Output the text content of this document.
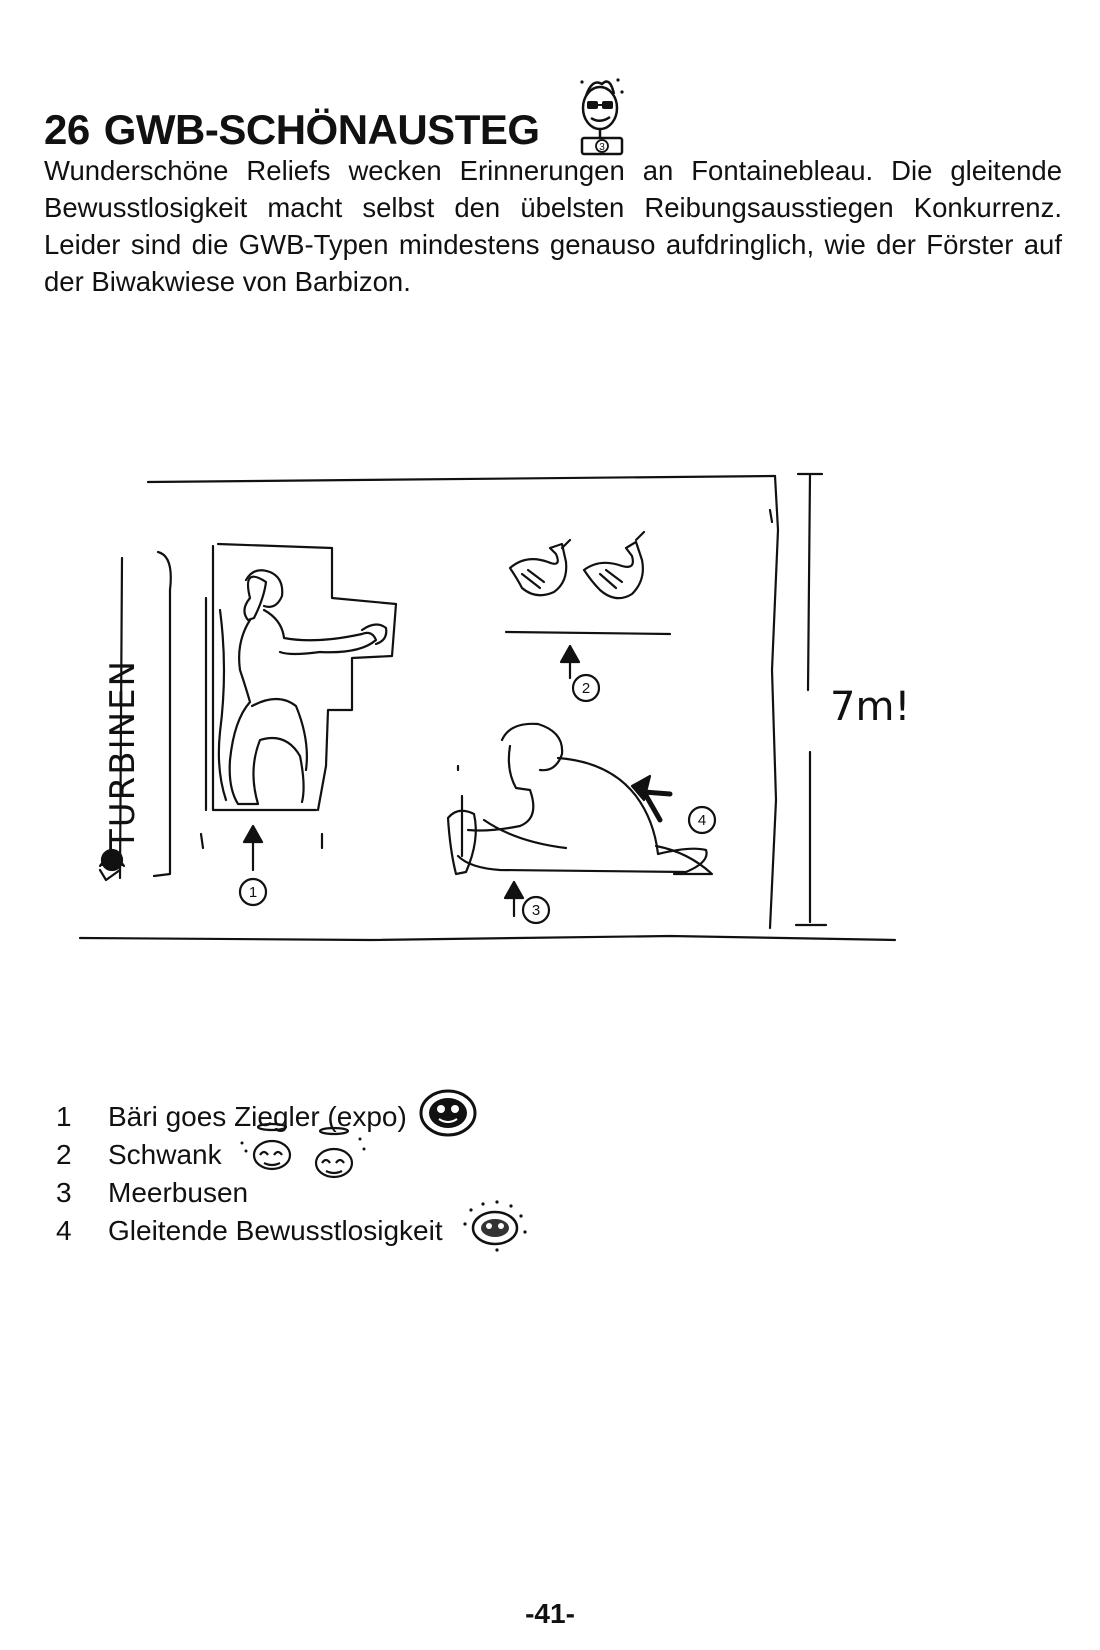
26 GWB-SCHÖNAUSTEG	3

Wunderschöne Reliefs wecken Erinnerungen an Fontainebleau. Die gleitende Bewusstlosigkeit macht selbst den übelsten Reibungsausstiegen Konkurrenz. Leider sind die GWB-Typen mindestens genauso aufdringlich, wie der Förster auf der Biwakwiese von Barbizon.

1
2
3
4
7m!
TURBINEN
1	Bäri goes Ziegler (expo)
2	Schwank
3	Meerbusen
4	Gleitende Bewusstlosigkeit
-41-
